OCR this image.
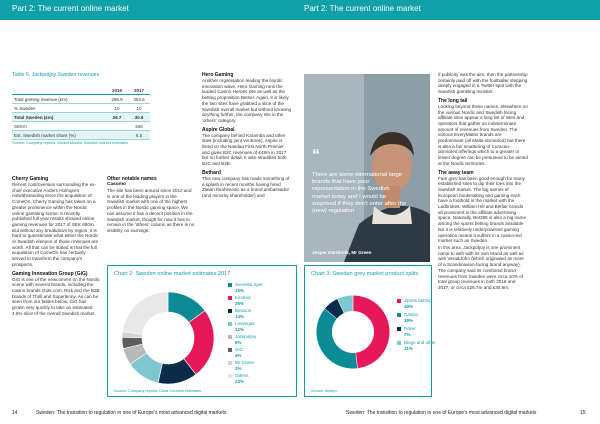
Part 2: The current online market	Part 2: The current online market
Table 6. Jackpotjoy Sweden revenues
	2016	2017
Total gaming revenue (£m)	266.9	304.6
% Sweden	10	10
Total Sweden (£m)	26.7	30.5
SEKm		346
Est. Swedish market share (%)		6.5
Source: Company reports, Market Monitor Swedish market estimates
Cherry Gaming
Recent controversies surrounding the ex-chief executive Anders Holmgren notwithstanding since the acquisition of ComeOn, Cherry Gaming has taken on a greater prominence within the Nordic online gambling scene. It recently published full year results showed online gaming revenues for 2017 of SEK 680m. But without any breakdown by region, it is hard to guesstimate what either the Nordic or Swedish element of those revenues are worth. All that can be stated is that the full acquisition of ComeOn has certainly served to transform the company's prospects.
Gaming Innovation Group (GiG)
GiG is one of the newcomers on the Nordic scene with several brands, including the casino brands Guts.com, Rizk and the B2B brands of Thrill and Superlenny. As can be seen from our tables below, GiG has grown very quickly to take an estimated 4.5% slice of the overall Swedish market.
Other notable names
Casumo
The site has been around since 2012 and is one of the leading players in the Swedish market with one of the highest profiles in the Nordic gaming space. We can assume it has a decent position in the Swedish market, though for now it has to remain in the 'others' column as there is no visibility on earnings.
Hero Gaming
Another organisation leading the Nordic innovation wave, Hero Gaming runs the lauded Casino Heroes site as well as the betting proposition Betser. Again, it is likely the two sites have grabbed a slice of the Swedish overall market but without knowing anything further, the company sits in the 'others' category.
Aspire Global
The company behind Karamba and other sites (including joint ventures), Aspire is listed on the Nasdaq First North Premier and gives B2C revenues of €48m in 2017 but no further detail. It also straddles both B2C and B2B.
Bethard
This new company has made something of a splash in recent months having hired Zlatan Ibrahimovic as a brand ambassador (and minority shareholder) and
“
There are some international large brands that have poor representation in the Swedish market today and I would be surprised if they don't enter after the (new) regulation
Jesper Kärrbrink, Mr Green
If publicity was the aim, then the partnership certainly paid off with the footballer stepping deeply engaged in a Twitter spat with the Swedish gambling minister.
The long tail
Looking beyond these names, elsewhere on the various Nordic and Swedish facing affiliate sites appear a long list of sites and operators that gather an indeterminate amount of revenues from Sweden. The various EveryMatrix brands are predominant (all Malta-domiciled) but there is also a fair smattering of Curacao-domiciled offerings which to a greater or lesser degree can be presumed to be aimed at the Nordic territories.
The away team
Fate grey has been good enough for many established sites to dip their toes into the Swedish market. The big names of European bookmaking and gaming each have a foothold in the market with the Ladbrokes, William Hill and Betfair brands all prominent in the affiliate advertising space. Naturally, Bet365 is also a big name among the sports betting brands available but it is relatively underpowered gaming operation means it suffers in a casino-led market such as Sweden.
In this area, Jackpotjoy is one prominent name to with with its own brand as well as with Vera&John (which originated as more of a Scandinavian-facing brand anyway). The company said its combined brand revenues from Sweden were circa 10% of total group revenues in both 2016 and 2017, or circa £26.7m and £30.6m.
Chart 2: Sweden online market estimates 2017
Svenska Spel
15%
Kindred
25%
Betsson
14%
Leovegas
12%
Jackpotjoy
6%
GiG
4%
Mr Green
2%
Others
23%
Source: Company reports, Clear Connect estimates
Chart 3: Sweden grey market product splits
Sports betting
48%
Casino
38%
Poker
7%
Bingo and other
11%
Source: Betsyn
14	Sweden: The transition to regulation in one of Europe's most advanced digital markets	Sweden: The transition to regulation in one of Europe's most advanced digital markets	15
